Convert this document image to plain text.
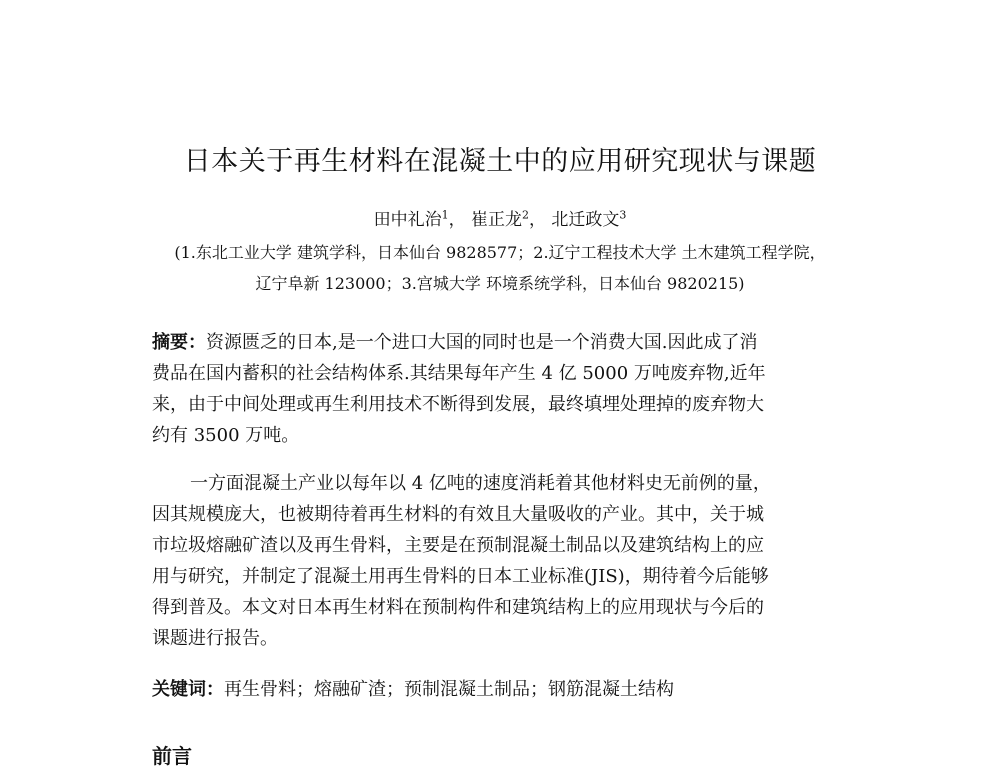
日本关于再生材料在混凝土中的应用研究现状与课题
田中礼治$^1$， 崔正龙$^2$， 北迁政文$^3$
(1.东北工业大学 建筑学科，日本仙台 9828577；2.辽宁工程技术大学 土木建筑工程学院，
辽宁阜新 123000；3.宫城大学 环境系统学科，日本仙台 9820215)
摘要：资源匮乏的日本,是一个进口大国的同时也是一个消费大国.因此成了消
费品在国内蓄积的社会结构体系.其结果每年产生 4 亿 5000 万吨废弃物,近年
来，由于中间处理或再生利用技术不断得到发展，最终填埋处理掉的废弃物大
约有 3500 万吨。
一方面混凝土产业以每年以 4 亿吨的速度消耗着其他材料史无前例的量，
因其规模庞大，也被期待着再生材料的有效且大量吸收的产业。其中，关于城
市垃圾熔融矿渣以及再生骨料，主要是在预制混凝土制品以及建筑结构上的应
用与研究，并制定了混凝土用再生骨料的日本工业标准(JIS)，期待着今后能够
得到普及。本文对日本再生材料在预制构件和建筑结构上的应用现状与今后的
课题进行报告。
关键词：再生骨料；熔融矿渣；预制混凝土制品；钢筋混凝土结构
前言
